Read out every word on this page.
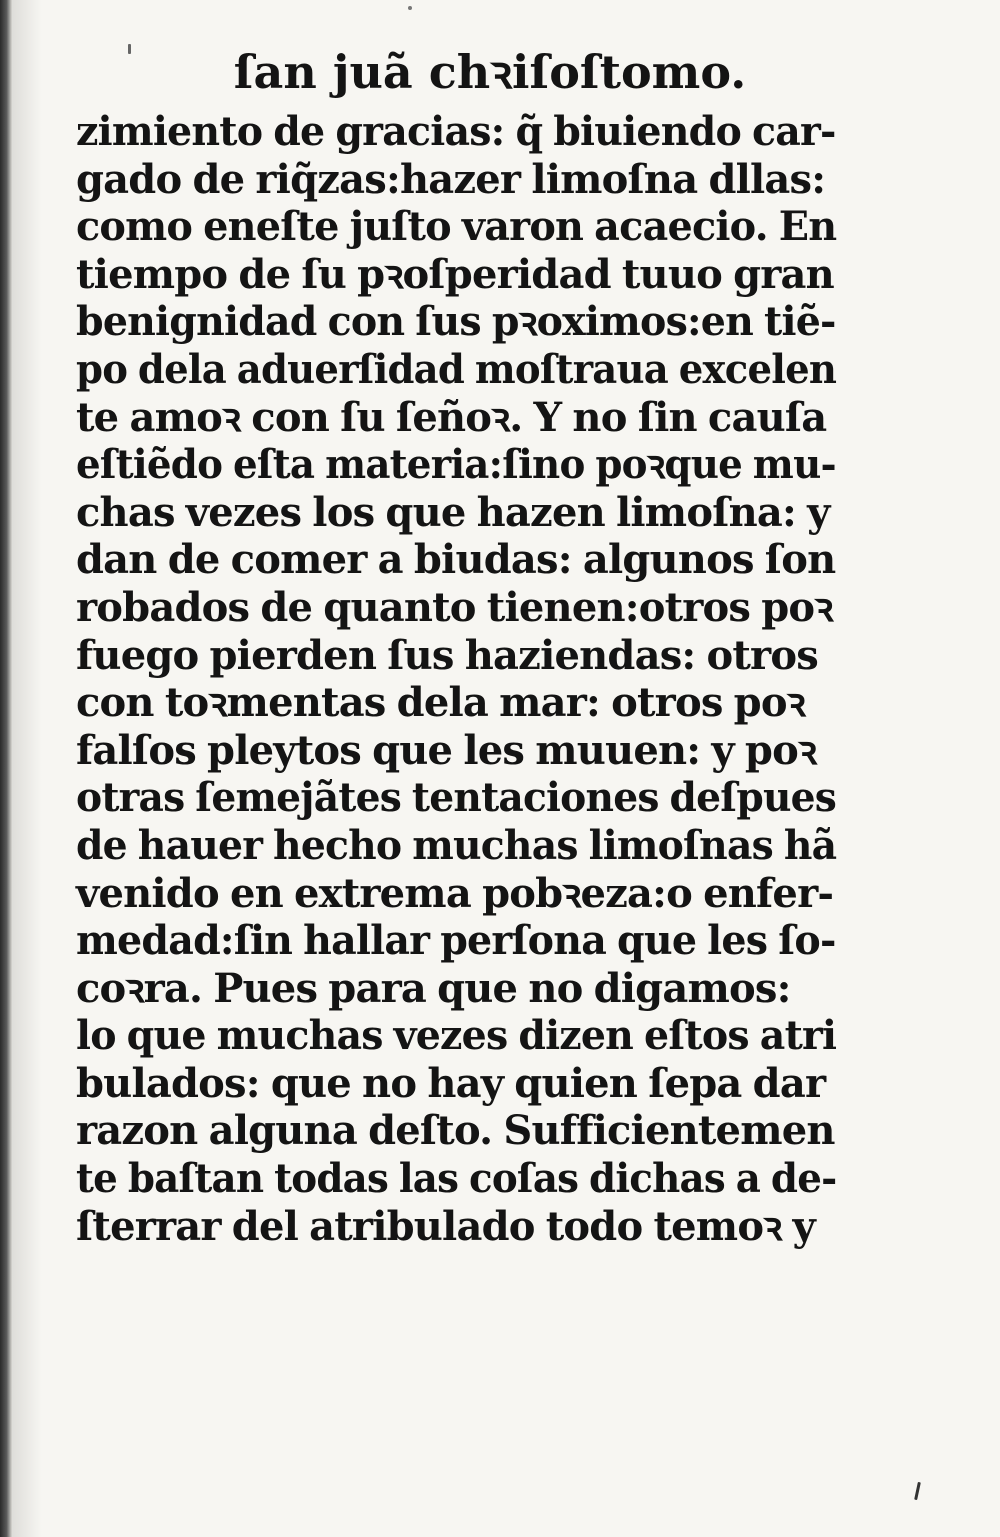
ſan juã chꝛiſoſtomo.
zimiento de gracias: q̃ biuiendo car-
gado de riq̃zas:hazer limoſna dllas:
como eneſte juſto varon acaecio. En
tiempo de ſu pꝛoſperidad tuuo gran
benignidad con ſus pꝛoximos:en tiẽ-
po dela aduerſidad moſtraua excelen
te amoꝛ con ſu ſeñoꝛ. Y no ſin cauſa
eſtiẽdo eſta materia:ſino poꝛque mu-
chas vezes los que hazen limoſna: y
dan de comer a biudas: algunos ſon
robados de quanto tienen:otros poꝛ
fuego pierden ſus haziendas: otros
con toꝛmentas dela mar: otros poꝛ
falſos pleytos que les muuen: y poꝛ
otras ſemejãtes tentaciones deſpues
de hauer hecho muchas limoſnas hã
venido en extrema pobꝛeza:o enfer-
medad:ſin hallar perſona que les ſo-
coꝛra. Pues para que no digamos:
lo que muchas vezes dizen eſtos atri
bulados: que no hay quien ſepa dar
razon alguna deſto. Sufficientemen
te baſtan todas las coſas dichas a de-
ſterrar del atribulado todo temoꝛ y
